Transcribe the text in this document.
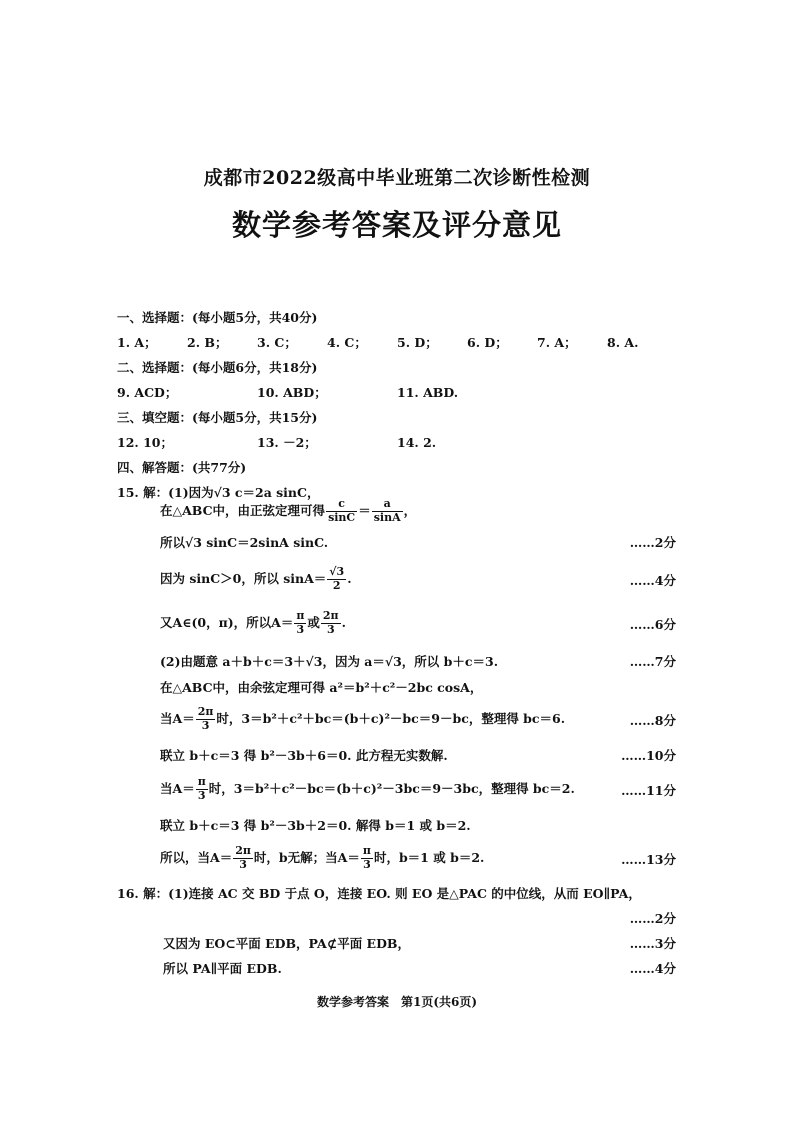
成都市2022级高中毕业班第二次诊断性检测
数学参考答案及评分意见
一、选择题：(每小题5分，共40分)
1. A； 2. B； 3. C； 4. C； 5. D； 6. D； 7. A； 8. A.
二、选择题：(每小题6分，共18分)
9. ACD；	10. ABD；	11. ABD.
三、填空题：(每小题5分，共15分)
12. 10；	13. －2；	14. 2.
四、解答题：(共77分)
15. 解：(1)因为√3 c＝2a sinC，
在△ABC中，由正弦定理可得 $\frac{c}{\sin C} = \frac{a}{\sin A}$ ，
所以√3 sinC＝2sinA sinC.	……2分
因为 sinC＞0，所以 $\sin A= \frac{√3}{2}$ .	……4分
又A∈(0，π)，所以$A= \frac{\pi}{3}$ 或 $\frac{2\pi}{3}$ .	……6分
(2)由题意 a＋b＋c＝3＋√3，因为 a＝√3，所以 b＋c＝3.	……7分
在△ABC中，由余弦定理可得 a²＝b²＋c²－2bc cosA，
当$A= \frac{2\pi}{3}$ 时，3＝b²＋c²＋bc＝(b＋c)²－bc＝9－bc，整理得 bc＝6.	……8分
联立 b＋c＝3 得 b²－3b＋6＝0. 此方程无实数解.	……10分
当$A= \frac{\pi}{3}$ 时，3＝b²＋c²－bc＝(b＋c)²－3bc＝9－3bc，整理得 bc＝2.	……11分
联立 b＋c＝3 得 b²－3b＋2＝0. 解得 b＝1 或 b＝2.
所以，当$A= \frac{2\pi}{3}$ 时，b无解；当$A= \frac{\pi}{3}$ 时，b＝1 或 b＝2.	……13分
16. 解：(1)连接 AC 交 BD 于点 O，连接 EO. 则 EO 是△PAC 的中位线，从而 EO∥PA，
……2分
又因为 EO⊂平面 EDB，PA⊄平面 EDB，	……3分
所以 PA∥平面 EDB.	……4分
数学参考答案　第1页(共6页)
